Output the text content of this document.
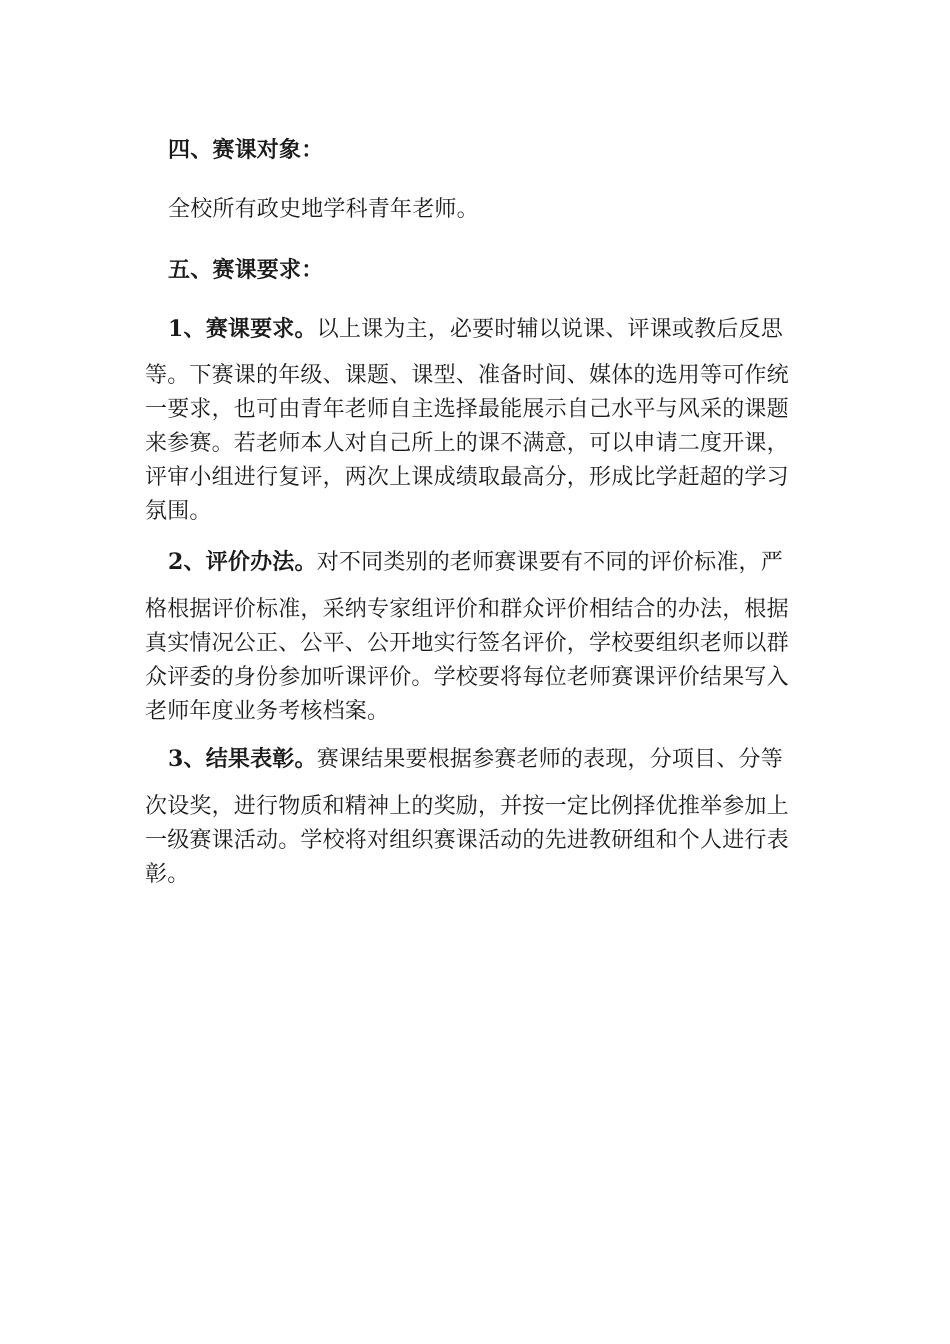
四、赛课对象：
全校所有政史地学科青年老师。
五、赛课要求：
1、赛课要求。以上课为主，必要时辅以说课、评课或教后反思
等。下赛课的年级、课题、课型、准备时间、媒体的选用等可作统
一要求，也可由青年老师自主选择最能展示自己水平与风采的课题
来参赛。若老师本人对自己所上的课不满意，可以申请二度开课，
评审小组进行复评，两次上课成绩取最高分，形成比学赶超的学习
氛围。
2、评价办法。对不同类别的老师赛课要有不同的评价标准，严
格根据评价标准，采纳专家组评价和群众评价相结合的办法，根据
真实情况公正、公平、公开地实行签名评价，学校要组织老师以群
众评委的身份参加听课评价。学校要将每位老师赛课评价结果写入
老师年度业务考核档案。
3、结果表彰。赛课结果要根据参赛老师的表现，分项目、分等
次设奖，进行物质和精神上的奖励，并按一定比例择优推举参加上
一级赛课活动。学校将对组织赛课活动的先进教研组和个人进行表
彰。
